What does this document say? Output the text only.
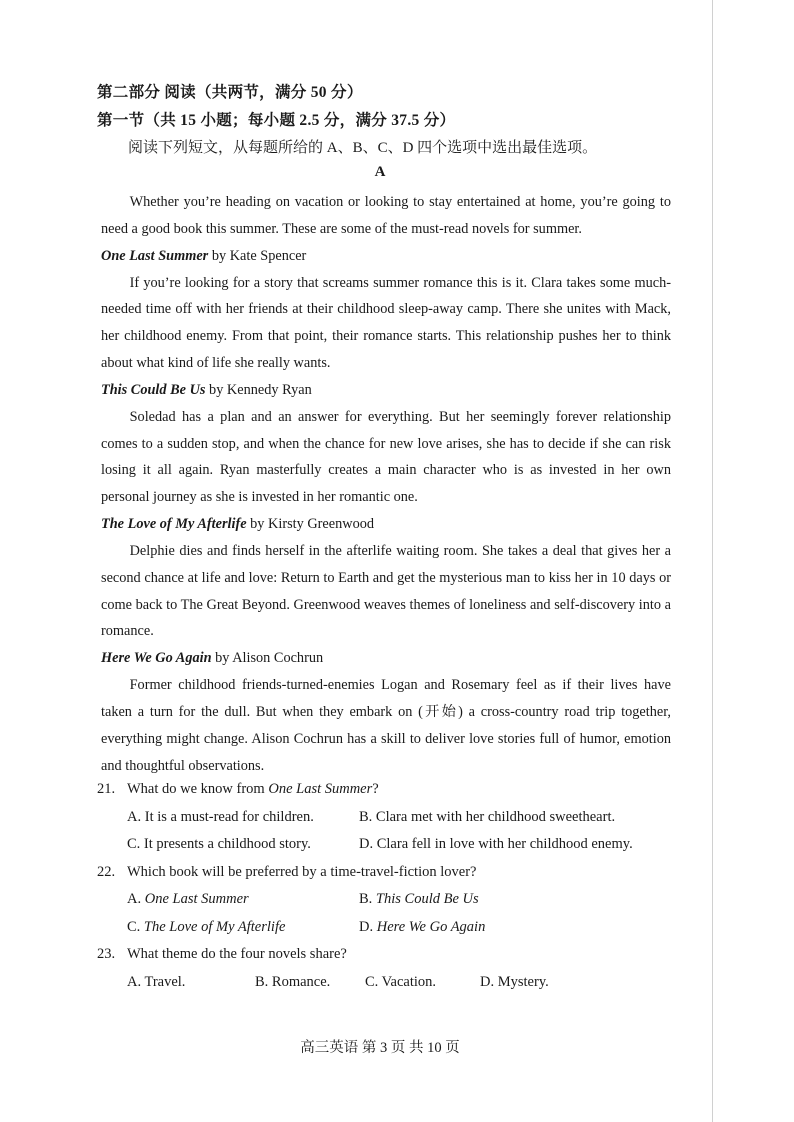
第二部分 阅读（共两节，满分 50 分）
第一节（共 15 小题；每小题 2.5 分，满分 37.5 分）
阅读下列短文，从每题所给的 A、B、C、D 四个选项中选出最佳选项。
A

Whether you’re heading on vacation or looking to stay entertained at home, you’re going to need a good book this summer. These are some of the must-read novels for summer.

One Last Summer by Kate Spencer

If you’re looking for a story that screams summer romance this is it. Clara takes some much-needed time off with her friends at their childhood sleep-away camp. There she unites with Mack, her childhood enemy. From that point, their romance starts. This relationship pushes her to think about what kind of life she really wants.

This Could Be Us by Kennedy Ryan

Soledad has a plan and an answer for everything. But her seemingly forever relationship comes to a sudden stop, and when the chance for new love arises, she has to decide if she can risk losing it all again. Ryan masterfully creates a main character who is as invested in her own personal journey as she is invested in her romantic one.

The Love of My Afterlife by Kirsty Greenwood

Delphie dies and finds herself in the afterlife waiting room. She takes a deal that gives her a second chance at life and love: Return to Earth and get the mysterious man to kiss her in 10 days or come back to The Great Beyond. Greenwood weaves themes of loneliness and self-discovery into a romance.

Here We Go Again by Alison Cochrun

Former childhood friends-turned-enemies Logan and Rosemary feel as if their lives have taken a turn for the dull. But when they embark on (开始) a cross-country road trip together, everything might change. Alison Cochrun has a skill to deliver love stories full of humor, emotion and thoughtful observations.

21. What do we know from One Last Summer?
A. It is a must-read for children.	B. Clara met with her childhood sweetheart.
C. It presents a childhood story.	D. Clara fell in love with her childhood enemy.
22. Which book will be preferred by a time-travel-fiction lover?
A. One Last Summer	B. This Could Be Us
C. The Love of My Afterlife	D. Here We Go Again
23. What theme do the four novels share?
A. Travel.	B. Romance.	C. Vacation.	D. Mystery.
高三英语 第 3 页 共 10 页
